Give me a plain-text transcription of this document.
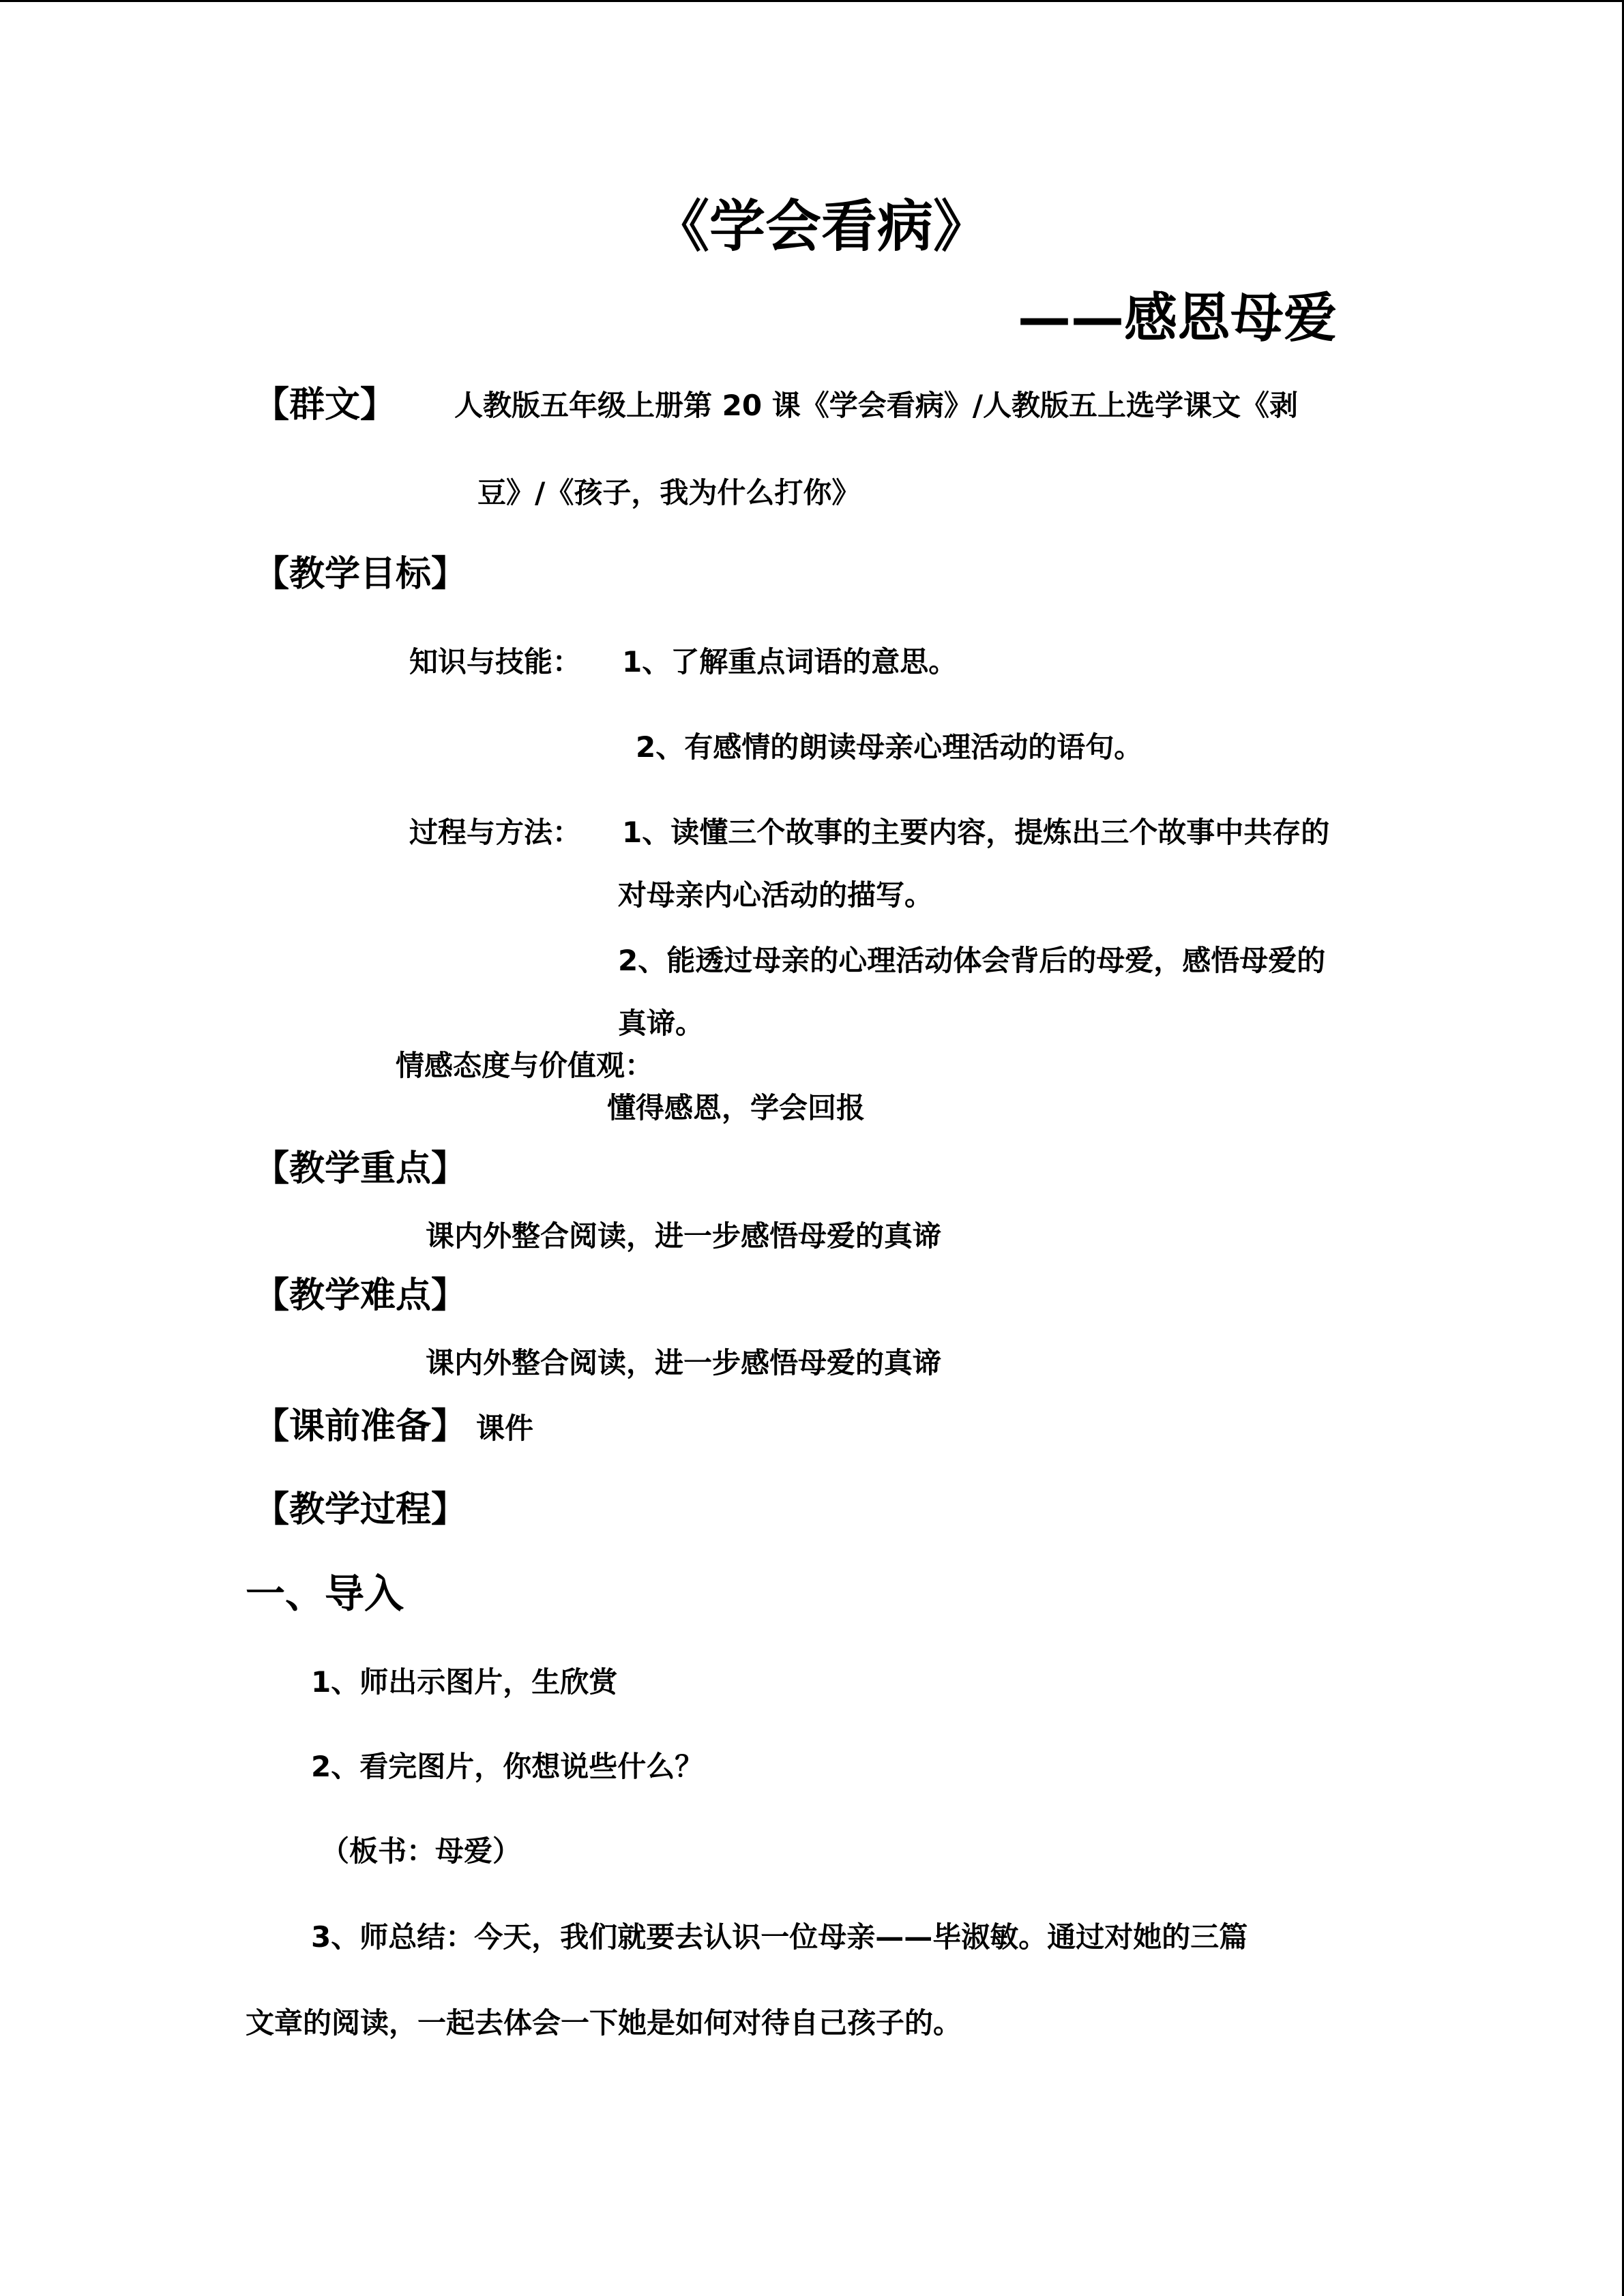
《学会看病》
——感恩母爱
【群文】 人教版五年级上册第 20 课《学会看病》/人教版五上选学课文《剥
豆》/《孩子，我为什么打你》
【教学目标】
知识与技能： 1、了解重点词语的意思。
2、有感情的朗读母亲心理活动的语句。
过程与方法： 1、读懂三个故事的主要内容，提炼出三个故事中共存的
对母亲内心活动的描写。
2、能透过母亲的心理活动体会背后的母爱，感悟母爱的
真谛。
情感态度与价值观：
懂得感恩，学会回报
【教学重点】
课内外整合阅读，进一步感悟母爱的真谛
【教学难点】
课内外整合阅读，进一步感悟母爱的真谛
【课前准备】 课件
【教学过程】
一、导入
1、师出示图片，生欣赏
2、看完图片，你想说些什么？
（板书：母爱）
3、师总结：今天，我们就要去认识一位母亲——毕淑敏。通过对她的三篇
文章的阅读，一起去体会一下她是如何对待自己孩子的。
